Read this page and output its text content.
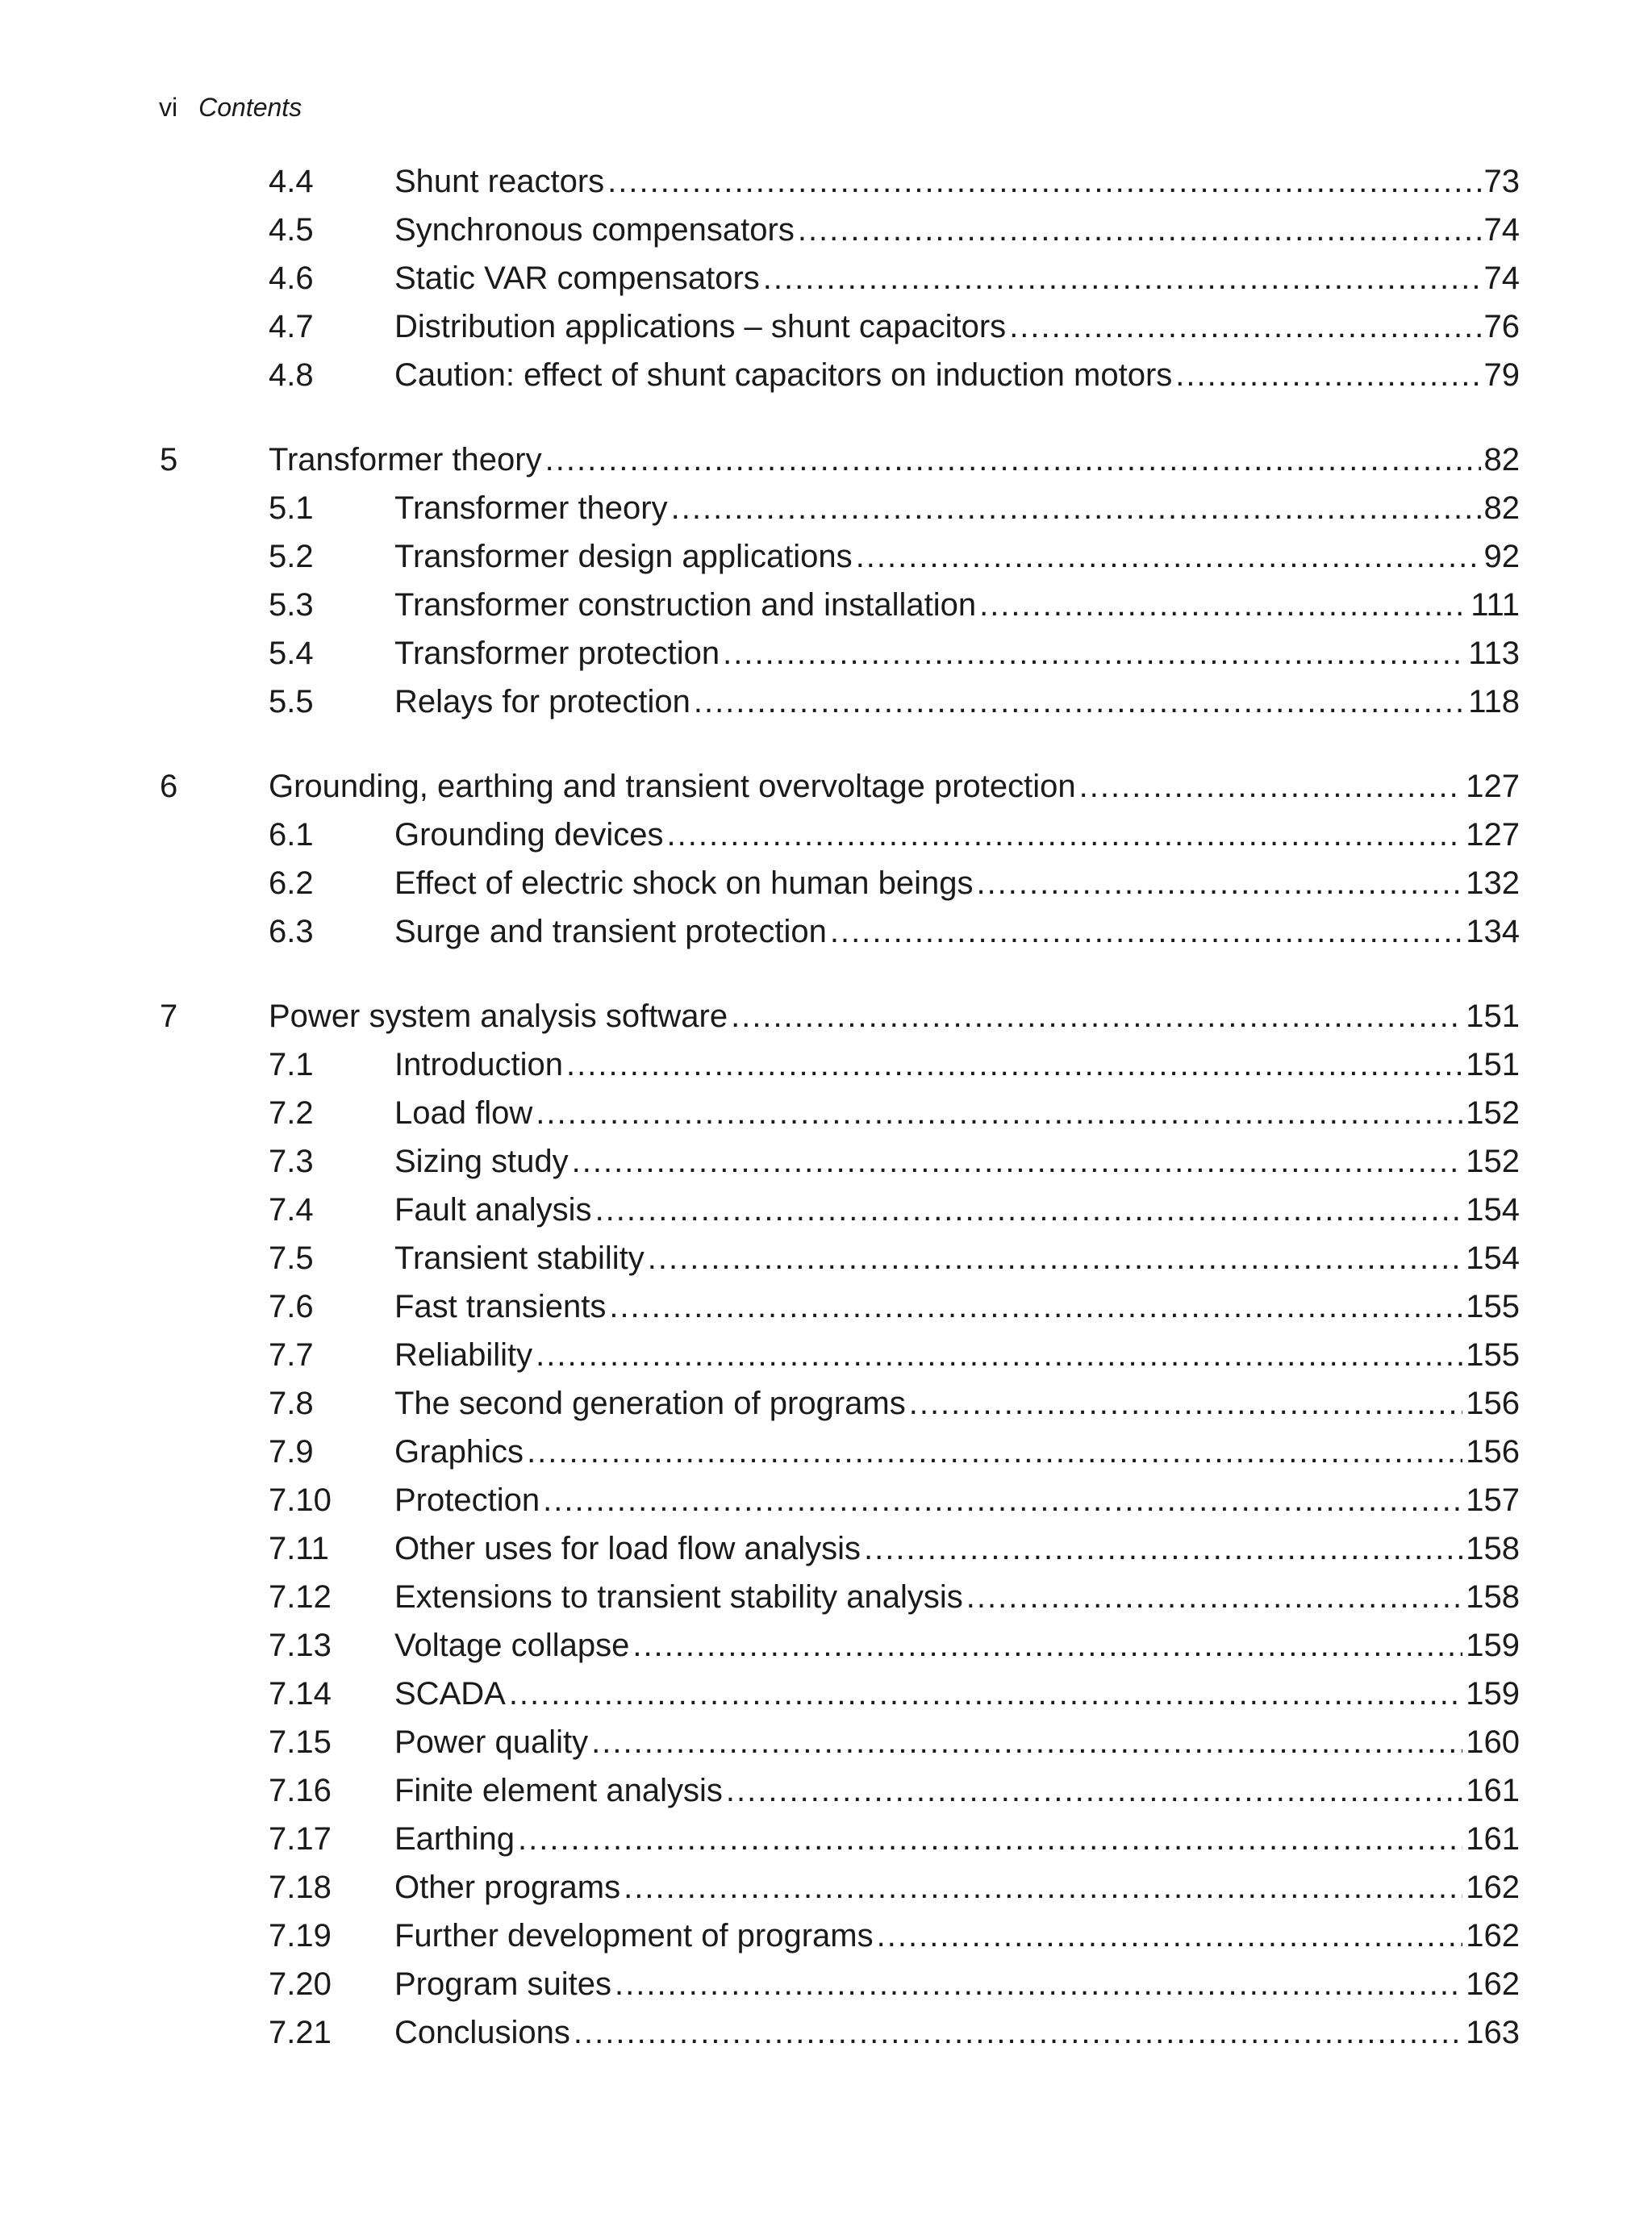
vi Contents
4.4	Shunt reactors .....	73
4.5	Synchronous compensators .....	74
4.6	Static VAR compensators .....	74
4.7	Distribution applications – shunt capacitors .....	76
4.8	Caution: effect of shunt capacitors on induction motors .....	79
5	Transformer theory .....	82
5.1	Transformer theory .....	82
5.2	Transformer design applications .....	92
5.3	Transformer construction and installation .....	111
5.4	Transformer protection .....	113
5.5	Relays for protection .....	118
6	Grounding, earthing and transient overvoltage protection .....	127
6.1	Grounding devices .....	127
6.2	Effect of electric shock on human beings .....	132
6.3	Surge and transient protection .....	134
7	Power system analysis software .....	151
7.1	Introduction .....	151
7.2	Load flow .....	152
7.3	Sizing study .....	152
7.4	Fault analysis .....	154
7.5	Transient stability .....	154
7.6	Fast transients .....	155
7.7	Reliability .....	155
7.8	The second generation of programs .....	156
7.9	Graphics .....	156
7.10 Protection .....	157
7.11 Other uses for load flow analysis .....	158
7.12 Extensions to transient stability analysis .....	158
7.13 Voltage collapse .....	159
7.14 SCADA .....	159
7.15 Power quality .....	160
7.16 Finite element analysis .....	161
7.17 Earthing .....	161
7.18 Other programs .....	162
7.19 Further development of programs .....	162
7.20 Program suites .....	162
7.21 Conclusions .....	163
